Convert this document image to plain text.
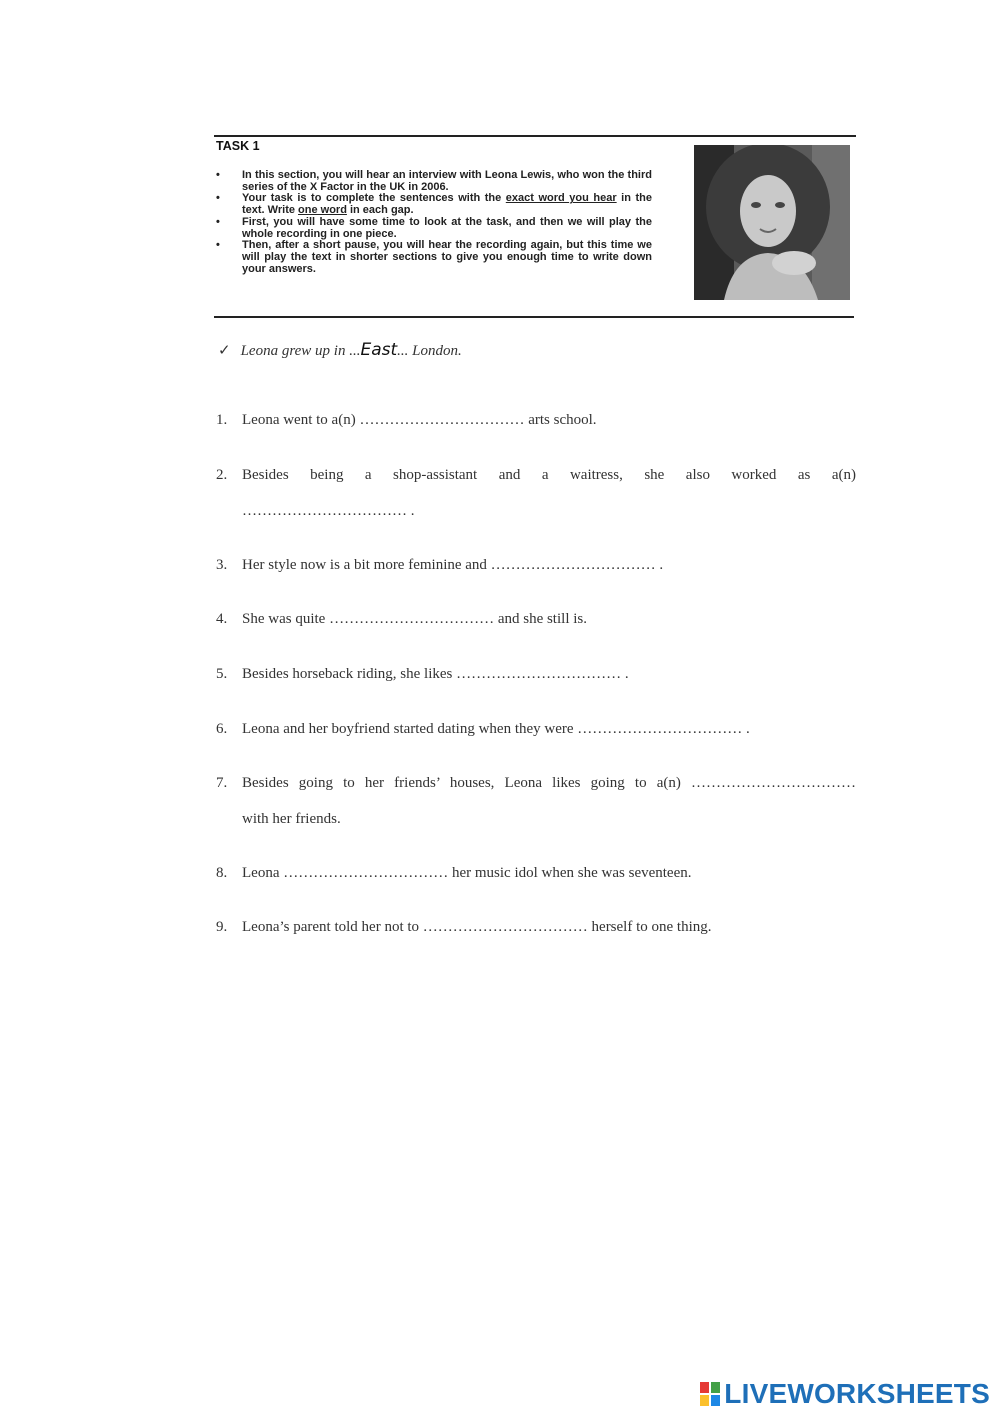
TASK 1
• In this section, you will hear an interview with Leona Lewis, who won the third series of the X Factor in the UK in 2006.
• Your task is to complete the sentences with the exact word you hear in the text. Write one word in each gap.
• First, you will have some time to look at the task, and then we will play the whole recording in one piece.
• Then, after a short pause, you will hear the recording again, but this time we will play the text in shorter sections to give you enough time to write down your answers.
✓ Leona grew up in ...East... London.
1. Leona went to a(n) …………………………… arts school.
2. Besides being a shop-assistant and a waitress, she also worked as a(n)
…………………………… .
3. Her style now is a bit more feminine and …………………………… .
4. She was quite …………………………… and she still is.
5. Besides horseback riding, she likes …………………………… .
6. Leona and her boyfriend started dating when they were …………………………… .
7. Besides going to her friends’ houses, Leona likes going to a(n) ……………………………
with her friends.
8. Leona …………………………… her music idol when she was seventeen.
9. Leona’s parent told her not to …………………………… herself to one thing.
LIVEWORKSHEETS
